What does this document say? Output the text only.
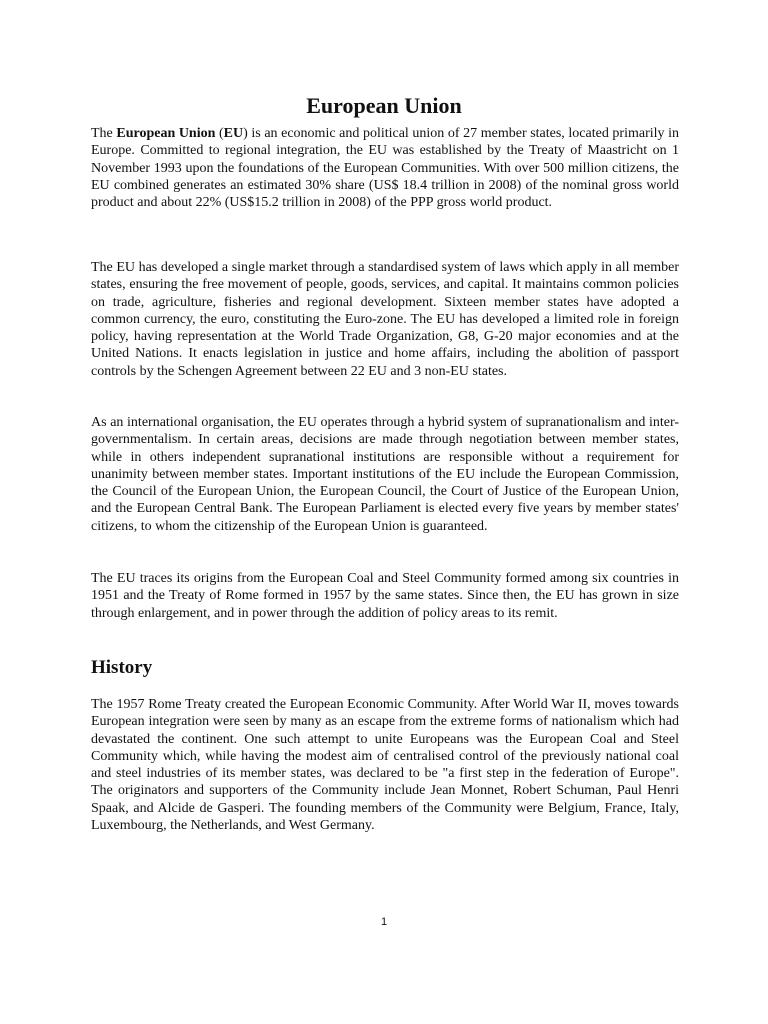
European Union

The European Union (EU) is an economic and political union of 27 member states, located primarily in Europe. Committed to regional integration, the EU was established by the Treaty of Maastricht on 1 November 1993 upon the foundations of the European Communities. With over 500 million citizens, the EU combined generates an estimated 30% share (US$ 18.4 trillion in 2008) of the nominal gross world product and about 22% (US$15.2 trillion in 2008) of the PPP gross world product.

The EU has developed a single market through a standardised system of laws which apply in all member states, ensuring the free movement of people, goods, services, and capital. It maintains common policies on trade, agriculture, fisheries and regional development. Sixteen member states have adopted a common currency, the euro, constituting the Euro-zone. The EU has developed a limited role in foreign policy, having representation at the World Trade Organization, G8, G-20 major economies and at the United Nations. It enacts legislation in justice and home affairs, including the abolition of passport controls by the Schengen Agreement between 22 EU and 3 non-EU states.

As an international organisation, the EU operates through a hybrid system of supranationalism and inter-governmentalism. In certain areas, decisions are made through negotiation between member states, while in others independent supranational institutions are responsible without a requirement for unanimity between member states. Important institutions of the EU include the European Commission, the Council of the European Union, the European Council, the Court of Justice of the European Union, and the European Central Bank. The European Parliament is elected every five years by member states' citizens, to whom the citizenship of the European Union is guaranteed.

The EU traces its origins from the European Coal and Steel Community formed among six countries in 1951 and the Treaty of Rome formed in 1957 by the same states. Since then, the EU has grown in size through enlargement, and in power through the addition of policy areas to its remit.

History

The 1957 Rome Treaty created the European Economic Community. After World War II, moves towards European integration were seen by many as an escape from the extreme forms of nationalism which had devastated the continent. One such attempt to unite Europeans was the European Coal and Steel Community which, while having the modest aim of centralised control of the previously national coal and steel industries of its member states, was declared to be "a first step in the federation of Europe". The originators and supporters of the Community include Jean Monnet, Robert Schuman, Paul Henri Spaak, and Alcide de Gasperi. The founding members of the Community were Belgium, France, Italy, Luxembourg, the Netherlands, and West Germany.

1
